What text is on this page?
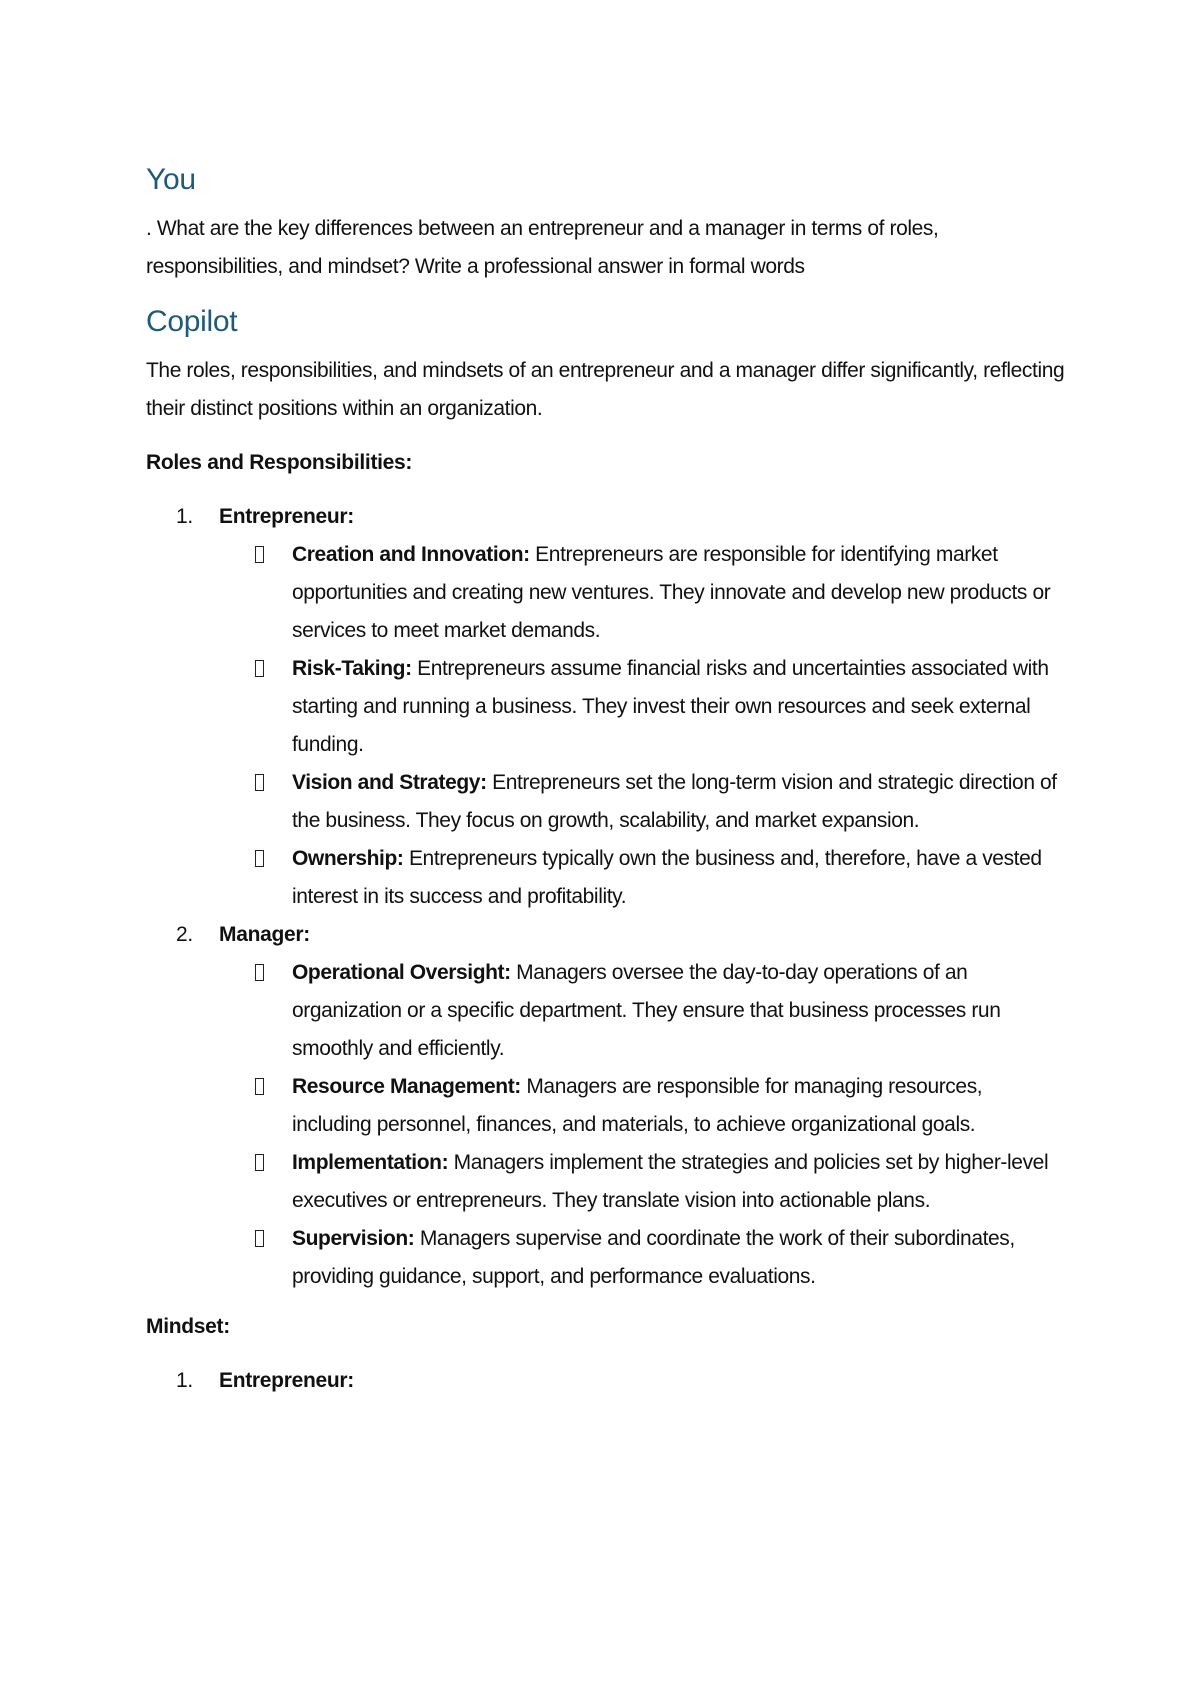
You

. What are the key differences between an entrepreneur and a manager in terms of roles, responsibilities, and mindset? Write a professional answer in formal words

Copilot

The roles, responsibilities, and mindsets of an entrepreneur and a manager differ significantly, reflecting their distinct positions within an organization.

Roles and Responsibilities:
1. Entrepreneur:
Creation and Innovation: Entrepreneurs are responsible for identifying market opportunities and creating new ventures. They innovate and develop new products or services to meet market demands.
Risk-Taking: Entrepreneurs assume financial risks and uncertainties associated with starting and running a business. They invest their own resources and seek external funding.
Vision and Strategy: Entrepreneurs set the long-term vision and strategic direction of the business. They focus on growth, scalability, and market expansion.
Ownership: Entrepreneurs typically own the business and, therefore, have a vested interest in its success and profitability.
2. Manager:
Operational Oversight: Managers oversee the day-to-day operations of an organization or a specific department. They ensure that business processes run smoothly and efficiently.
Resource Management: Managers are responsible for managing resources, including personnel, finances, and materials, to achieve organizational goals.
Implementation: Managers implement the strategies and policies set by higher-level executives or entrepreneurs. They translate vision into actionable plans.
Supervision: Managers supervise and coordinate the work of their subordinates, providing guidance, support, and performance evaluations.
Mindset:
1. Entrepreneur:
